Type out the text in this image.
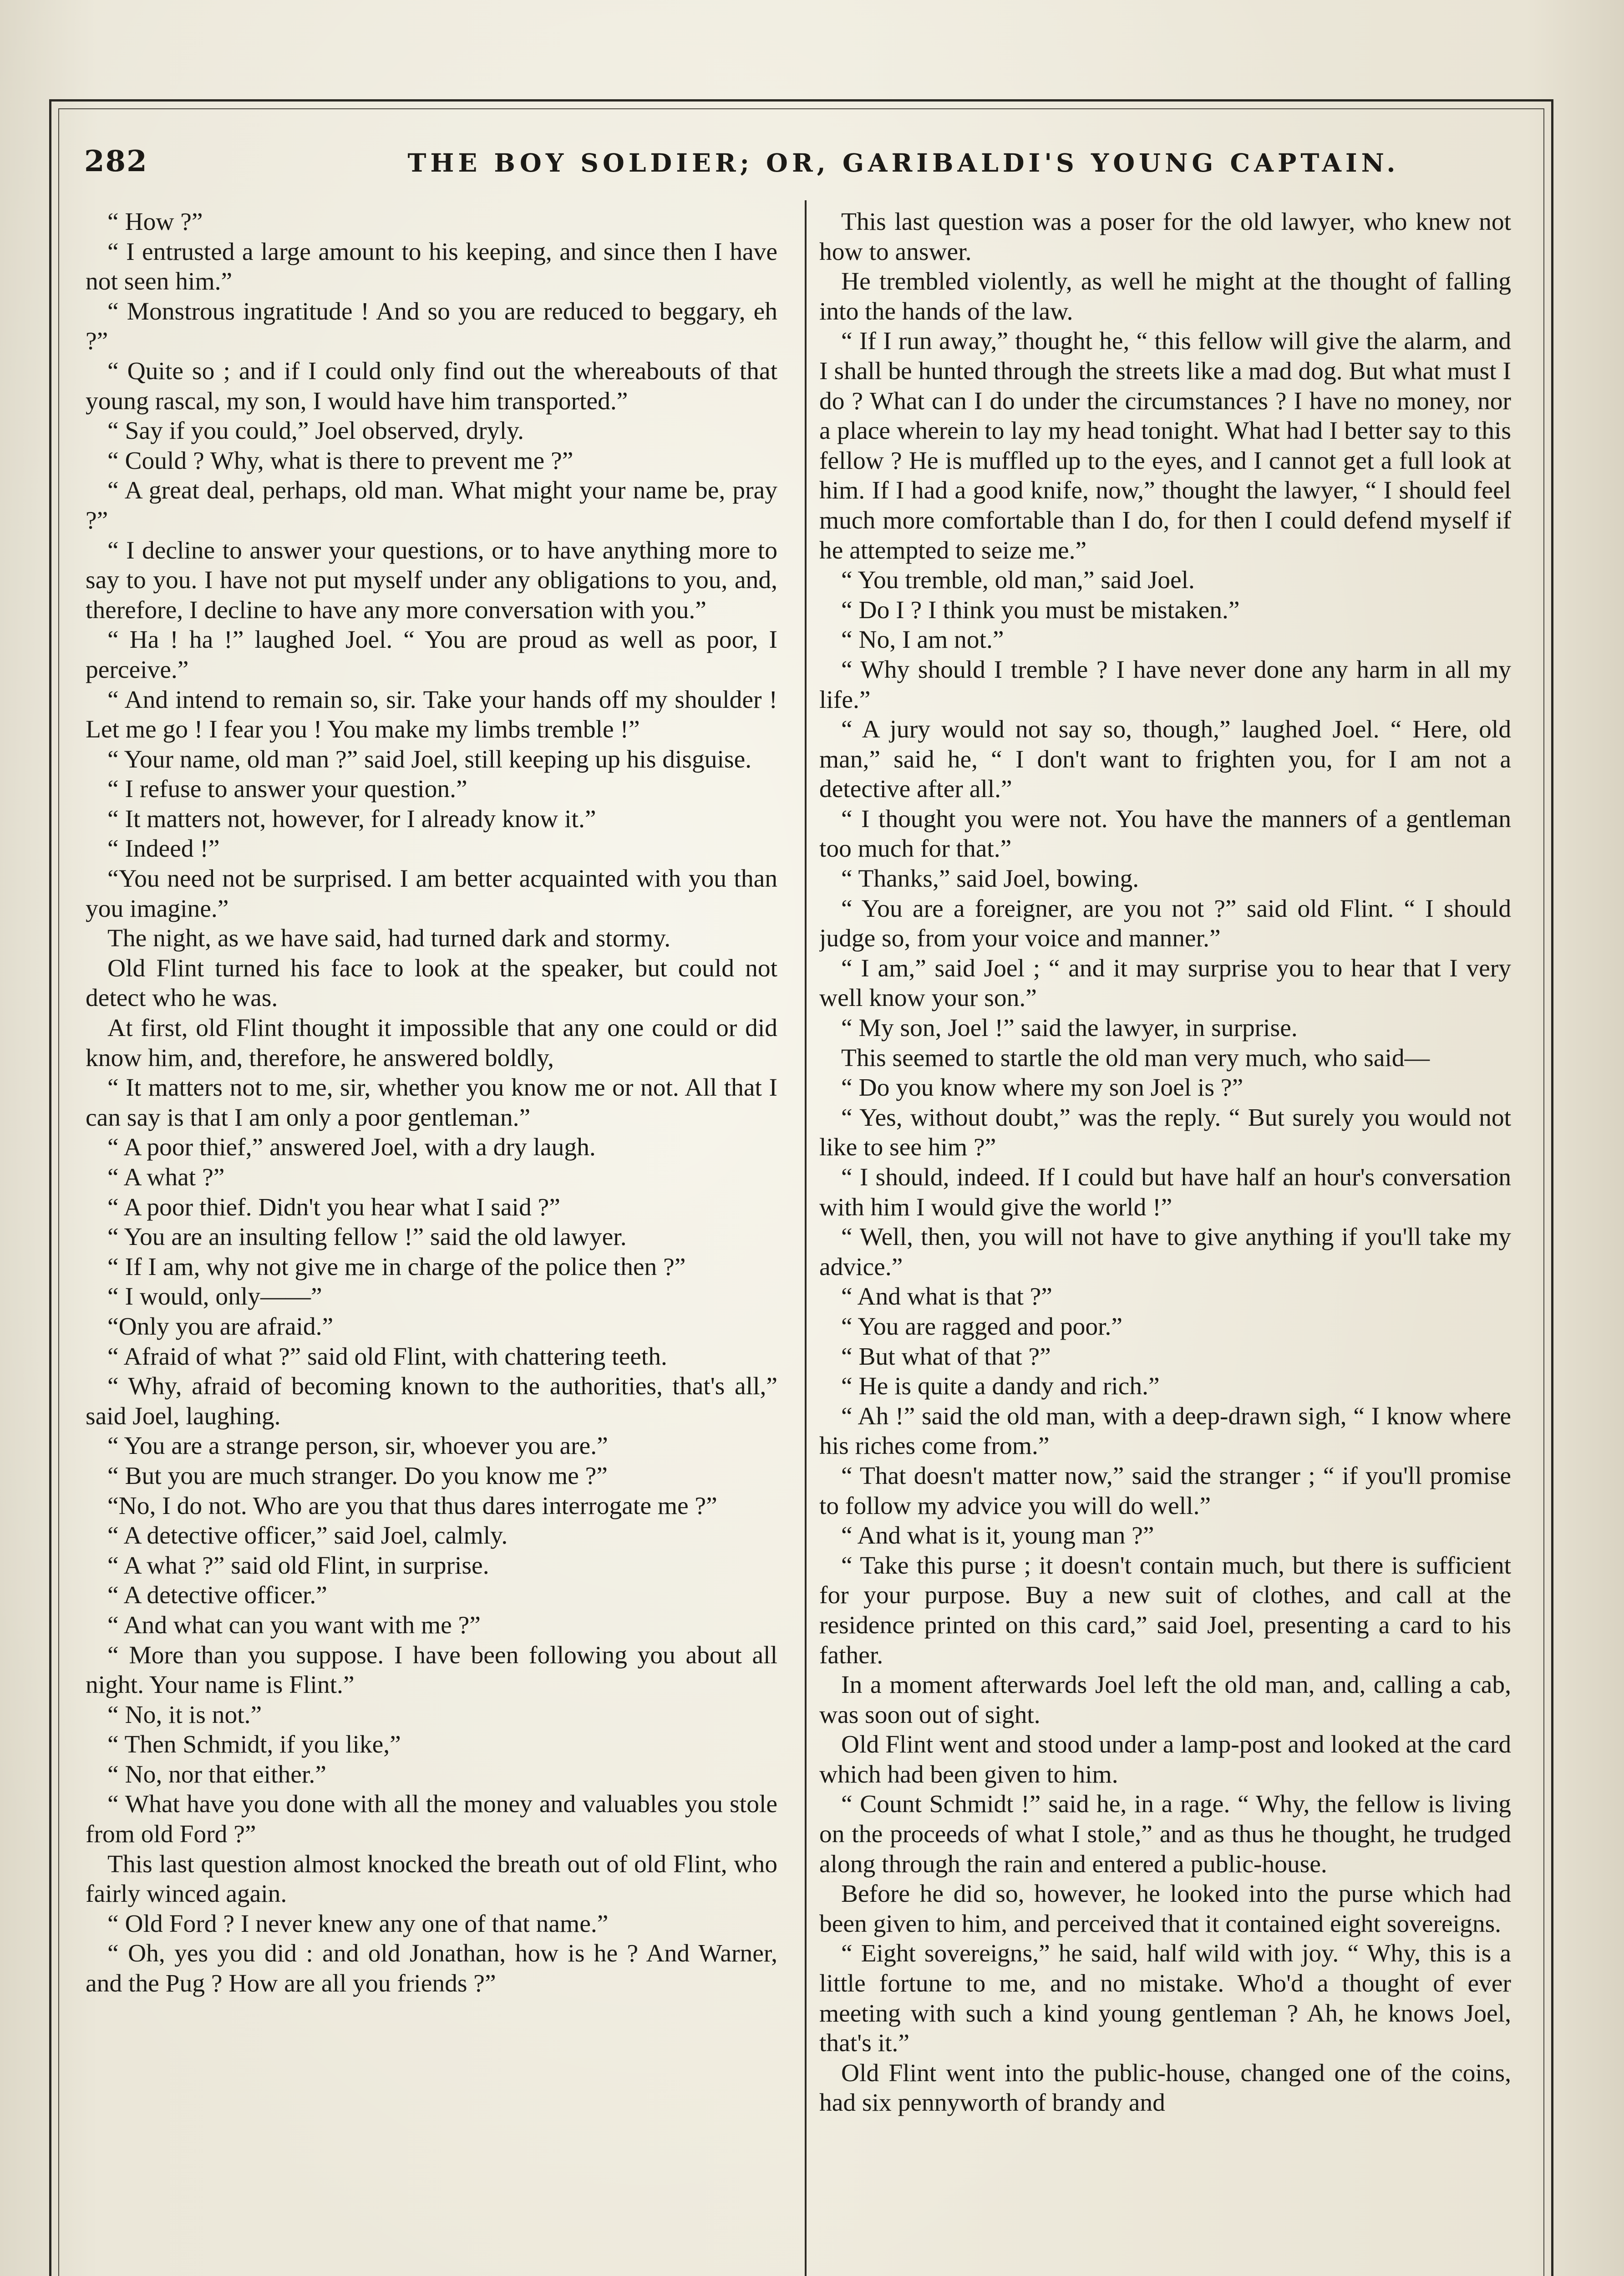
282	THE BOY SOLDIER; OR, GARIBALDI'S YOUNG CAPTAIN.

“ How ?”

“ I entrusted a large amount to his keeping, and since then I have not seen him.”

“ Monstrous ingratitude ! And so you are reduced to beggary, eh ?”

“ Quite so ; and if I could only find out the whereabouts of that young rascal, my son, I would have him transported.”

“ Say if you could,” Joel observed, dryly.

“ Could ? Why, what is there to prevent me ?”

“ A great deal, perhaps, old man. What might your name be, pray ?”

“ I decline to answer your questions, or to have anything more to say to you. I have not put myself under any obligations to you, and, therefore, I decline to have any more conversation with you.”

“ Ha ! ha !” laughed Joel. “ You are proud as well as poor, I perceive.”

“ And intend to remain so, sir. Take your hands off my shoulder ! Let me go ! I fear you ! You make my limbs tremble !”

“ Your name, old man ?” said Joel, still keeping up his disguise.

“ I refuse to answer your question.”

“ It matters not, however, for I already know it.”

“ Indeed !”

“You need not be surprised. I am better acquainted with you than you imagine.”

The night, as we have said, had turned dark and stormy.

Old Flint turned his face to look at the speaker, but could not detect who he was.

At first, old Flint thought it impossible that any one could or did know him, and, therefore, he answered boldly,

“ It matters not to me, sir, whether you know me or not. All that I can say is that I am only a poor gentleman.”

“ A poor thief,” answered Joel, with a dry laugh.

“ A what ?”

“ A poor thief. Didn't you hear what I said ?”

“ You are an insulting fellow !” said the old lawyer.

“ If I am, why not give me in charge of the police then ?”

“ I would, only——”

“Only you are afraid.”

“ Afraid of what ?” said old Flint, with chattering teeth.

“ Why, afraid of becoming known to the authorities, that's all,” said Joel, laughing.

“ You are a strange person, sir, whoever you are.”

“ But you are much stranger. Do you know me ?”

“No, I do not. Who are you that thus dares interrogate me ?”

“ A detective officer,” said Joel, calmly.

“ A what ?” said old Flint, in surprise.

“ A detective officer.”

“ And what can you want with me ?”

“ More than you suppose. I have been following you about all night. Your name is Flint.”

“ No, it is not.”

“ Then Schmidt, if you like,”

“ No, nor that either.”

“ What have you done with all the money and valuables you stole from old Ford ?”

This last question almost knocked the breath out of old Flint, who fairly winced again.

“ Old Ford ? I never knew any one of that name.”

“ Oh, yes you did : and old Jonathan, how is he ? And Warner, and the Pug ? How are all you friends ?”

This last question was a poser for the old lawyer, who knew not how to answer.

He trembled violently, as well he might at the thought of falling into the hands of the law.

“ If I run away,” thought he, “ this fellow will give the alarm, and I shall be hunted through the streets like a mad dog. But what must I do ? What can I do under the circumstances ? I have no money, nor a place wherein to lay my head tonight. What had I better say to this fellow ? He is muffled up to the eyes, and I cannot get a full look at him. If I had a good knife, now,” thought the lawyer, “ I should feel much more comfortable than I do, for then I could defend myself if he attempted to seize me.”

“ You tremble, old man,” said Joel.

“ Do I ? I think you must be mistaken.”

“ No, I am not.”

“ Why should I tremble ? I have never done any harm in all my life.”

“ A jury would not say so, though,” laughed Joel. “ Here, old man,” said he, “ I don't want to frighten you, for I am not a detective after all.”

“ I thought you were not. You have the manners of a gentleman too much for that.”

“ Thanks,” said Joel, bowing.

“ You are a foreigner, are you not ?” said old Flint. “ I should judge so, from your voice and manner.”

“ I am,” said Joel ; “ and it may surprise you to hear that I very well know your son.”

“ My son, Joel !” said the lawyer, in surprise.

This seemed to startle the old man very much, who said—

“ Do you know where my son Joel is ?”

“ Yes, without doubt,” was the reply. “ But surely you would not like to see him ?”

“ I should, indeed. If I could but have half an hour's conversation with him I would give the world !”

“ Well, then, you will not have to give anything if you'll take my advice.”

“ And what is that ?”

“ You are ragged and poor.”

“ But what of that ?”

“ He is quite a dandy and rich.”

“ Ah !” said the old man, with a deep-drawn sigh, “ I know where his riches come from.”

“ That doesn't matter now,” said the stranger ; “ if you'll promise to follow my advice you will do well.”

“ And what is it, young man ?”

“ Take this purse ; it doesn't contain much, but there is sufficient for your purpose. Buy a new suit of clothes, and call at the residence printed on this card,” said Joel, presenting a card to his father.

In a moment afterwards Joel left the old man, and, calling a cab, was soon out of sight.

Old Flint went and stood under a lamp-post and looked at the card which had been given to him.

“ Count Schmidt !” said he, in a rage. “ Why, the fellow is living on the proceeds of what I stole,” and as thus he thought, he trudged along through the rain and entered a public-house.

Before he did so, however, he looked into the purse which had been given to him, and perceived that it contained eight sovereigns.

“ Eight sovereigns,” he said, half wild with joy. “ Why, this is a little fortune to me, and no mistake. Who'd a thought of ever meeting with such a kind young gentleman ? Ah, he knows Joel, that's it.”

Old Flint went into the public-house, changed one of the coins, had six pennyworth of brandy and
